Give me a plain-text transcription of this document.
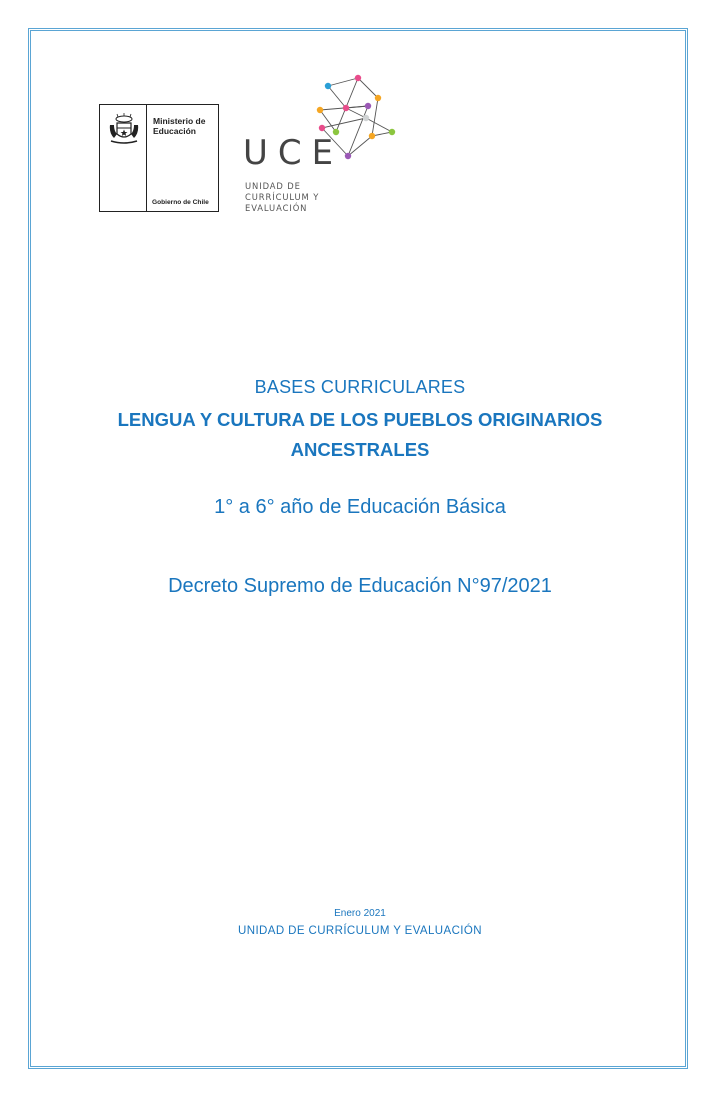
Ministerio de
Educación
Gobierno de Chile
UCE
UNIDAD DE
CURRÍCULUM Y
EVALUACIÓN
BASES CURRICULARES
LENGUA Y CULTURA DE LOS PUEBLOS ORIGINARIOS
ANCESTRALES
1° a 6° año de Educación Básica
Decreto Supremo de Educación N°97/2021
Enero 2021
UNIDAD DE CURRÍCULUM Y EVALUACIÓN
